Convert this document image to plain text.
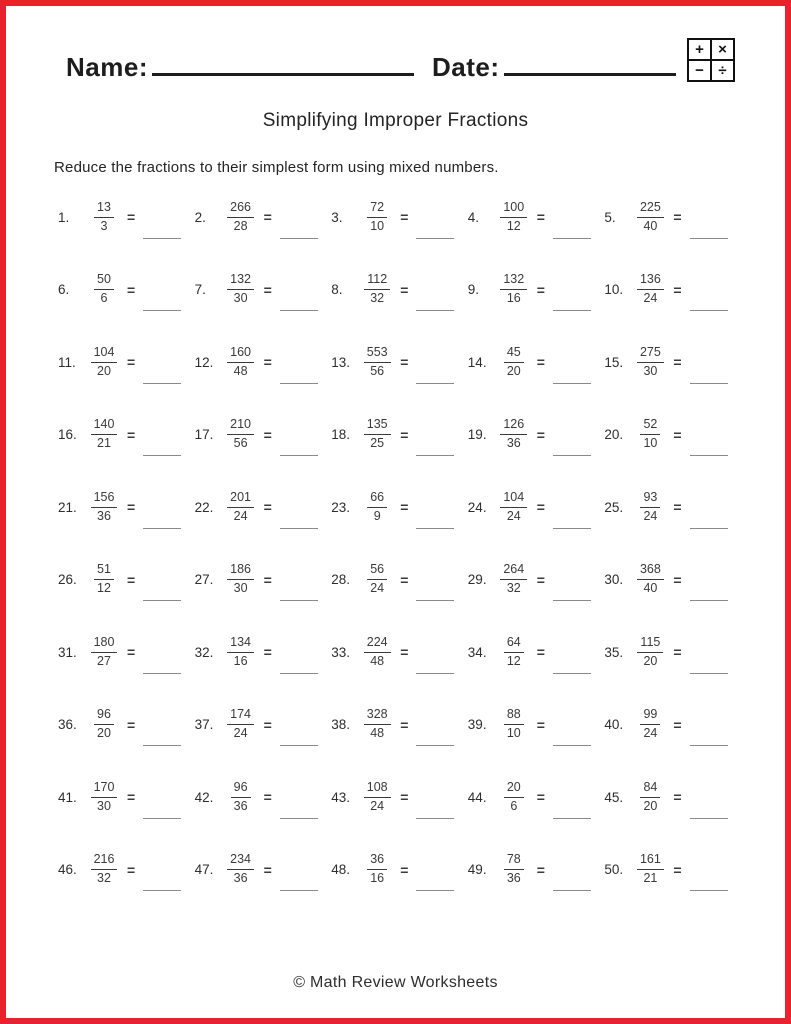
Name:	Date:
+ ×
− ÷
Simplifying Improper Fractions

Reduce the fractions to their simplest form using mixed numbers.

1.	$\frac{13}{3}$ =	2.	$\frac{266}{28}$ =	3.	$\frac{72}{10}$ =	4.	$\frac{100}{12}$ =	5.	$\frac{225}{40}$ =
6.	$\frac{50}{6}$ =	7.	$\frac{132}{30}$ =	8.	$\frac{112}{32}$ =	9.	$\frac{132}{16}$ =	10. $\frac{136}{24}$ =
11. $\frac{104}{20}$ =	12. $\frac{160}{48}$ =	13. $\frac{553}{56}$ =	14. $\frac{45}{20}$ =	15. $\frac{275}{30}$ =
16. $\frac{140}{21}$ =	17. $\frac{210}{56}$ =	18. $\frac{135}{25}$ =	19. $\frac{126}{36}$ =	20. $\frac{52}{10}$ =
21. $\frac{156}{36}$ =	22. $\frac{201}{24}$ =	23. $\frac{66}{9}$ =	24. $\frac{104}{24}$ =	25. $\frac{93}{24}$ =
26. $\frac{51}{12}$ =	27. $\frac{186}{30}$ =	28. $\frac{56}{24}$ =	29. $\frac{264}{32}$ =	30. $\frac{368}{40}$ =
31. $\frac{180}{27}$ =	32. $\frac{134}{16}$ =	33. $\frac{224}{48}$ =	34. $\frac{64}{12}$ =	35. $\frac{115}{20}$ =
36. $\frac{96}{20}$ =	37. $\frac{174}{24}$ =	38. $\frac{328}{48}$ =	39. $\frac{88}{10}$ =	40. $\frac{99}{24}$ =
41. $\frac{170}{30}$ =	42. $\frac{96}{36}$ =	43. $\frac{108}{24}$ =	44. $\frac{20}{6}$ =	45. $\frac{84}{20}$ =
46. $\frac{216}{32}$ =	47. $\frac{234}{36}$ =	48. $\frac{36}{16}$ =	49. $\frac{78}{36}$ =	50. $\frac{161}{21}$ =
© Math Review Worksheets
